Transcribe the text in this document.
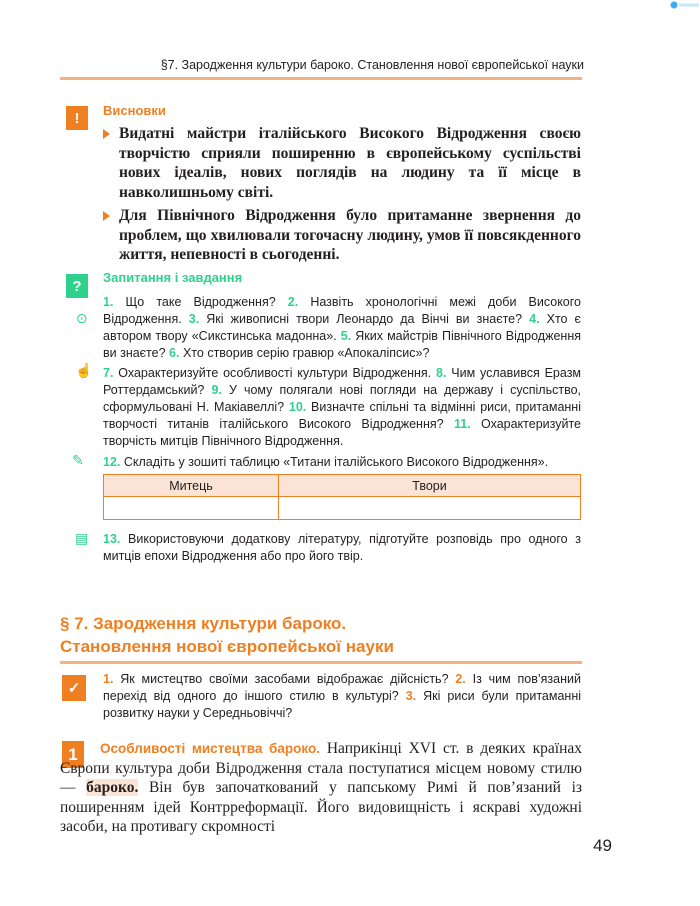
§7. Зародження культури бароко. Становлення нової європейської науки
!	Висновки

Видатні майстри італійського Високого Відродження своєю творчістю сприяли поширенню в європейському суспільстві нових ідеалів, нових поглядів на людину та її місце в навколишньому світі.

Для Північного Відродження було притаманне звернення до проблем, що хвилювали тогочасну людину, умов її повсякденного життя, непевності в сьогоденні.

?	Запитання і завдання
⊙
1. Що таке Відродження? 2. Назвіть хронологічні межі доби Високого Відродження. 3. Які живописні твори Леонардо да Вінчі ви знаєте? 4. Хто є автором твору «Сикстинська мадонна». 5. Яких майстрів Північного Відродження ви знаєте? 6. Хто створив серію гравюр «Апокаліпсис»?
☝ 7. Охарактеризуйте особливості культури Відродження. 8. Чим уславився Еразм Роттердамський? 9. У чому полягали нові погляди на державу і суспільство, сформульовані Н. Макіавеллі? 10. Визначте спільні та відмінні риси, притаманні творчості титанів італійського Високого Відродження? 11. Охарактеризуйте творчість митців Північного Відродження.
✎ 12. Складіть у зошиті таблицю «Титани італійського Високого Відродження».
Митець	Твори

▤ 13. Використовуючи додаткову літературу, підготуйте розповідь про одного з митців епохи Відродження або про його твір.
§ 7. Зародження культури бароко.
Становлення нової європейської науки
✓
1. Як мистецтво своїми засобами відображає дійсність? 2. Із чим пов’язаний перехід від одного до іншого стилю в культурі? 3. Які риси були притаманні розвитку науки у Середньовіччі?
1	Особливості мистецтва бароко. Наприкінці XVI ст. в деяких країнах Європи культура доби Відродження стала поступатися місцем новому стилю — бароко. Він був започаткований у папському Римі й пов’язаний із поширенням ідей Контрреформації. Його видовищність і яскраві художні засоби, на противагу скромності
49
